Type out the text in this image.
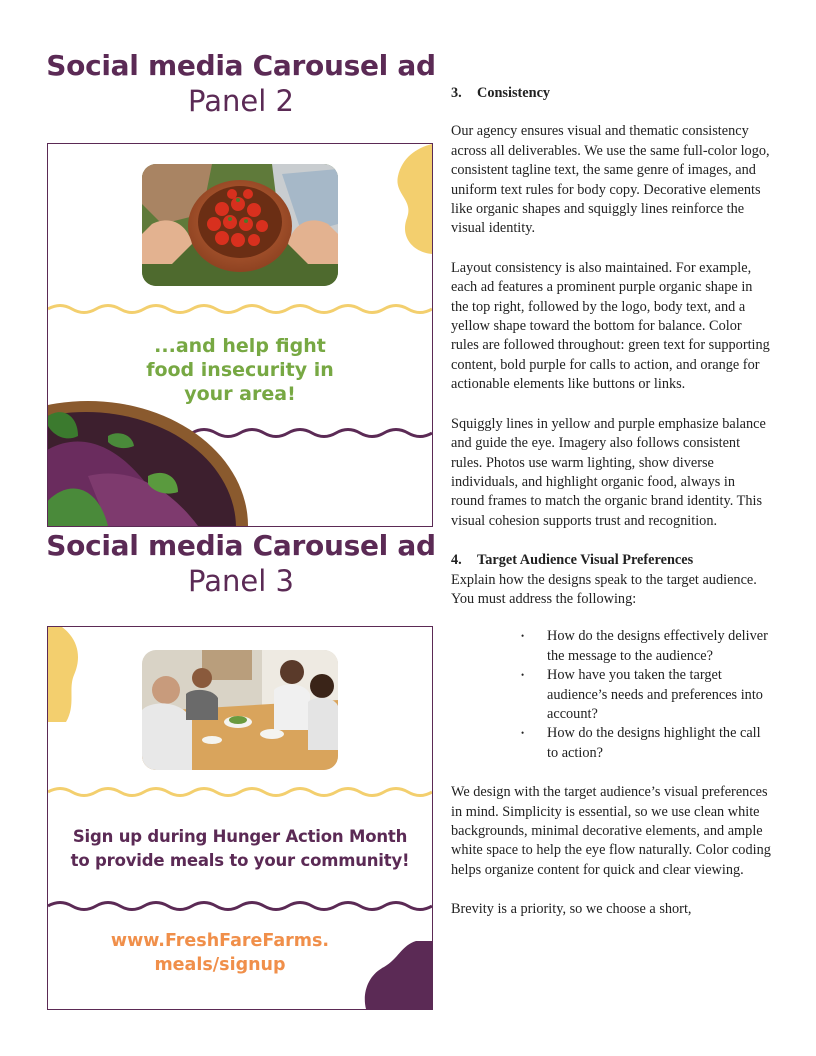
Social media Carousel ad
Panel 2
...and help fight
food insecurity in
your area!
Social media Carousel ad
Panel 3
Sign up during Hunger Action Month
to provide meals to your community!
www.FreshFareFarms.
meals/signup

3. Consistency

Our agency ensures visual and thematic consistency across all deliverables. We use the same full-color logo, consistent tagline text, the same genre of images, and uniform text rules for body copy. Decorative elements like organic shapes and squiggly lines reinforce the visual identity.

Layout consistency is also maintained. For example, each ad features a prominent purple organic shape in the top right, followed by the logo, body text, and a yellow shape toward the bottom for balance. Color rules are followed throughout: green text for supporting content, bold purple for calls to action, and orange for actionable elements like buttons or links.

Squiggly lines in yellow and purple emphasize balance and guide the eye. Imagery also follows consistent rules. Photos use warm lighting, show diverse individuals, and highlight organic food, always in round frames to match the organic brand identity. This visual cohesion supports trust and recognition.

4. Target Audience Visual Preferences

Explain how the designs speak to the target audience. You must address the following:

• How do the designs effectively deliver the message to the audience?
• How have you taken the target audience’s needs and preferences into account?
• How do the designs highlight the call to action?

We design with the target audience’s visual preferences in mind. Simplicity is essential, so we use clean white backgrounds, minimal decorative elements, and ample white space to help the eye flow naturally. Color coding helps organize content for quick and clear viewing.

Brevity is a priority, so we choose a short,
